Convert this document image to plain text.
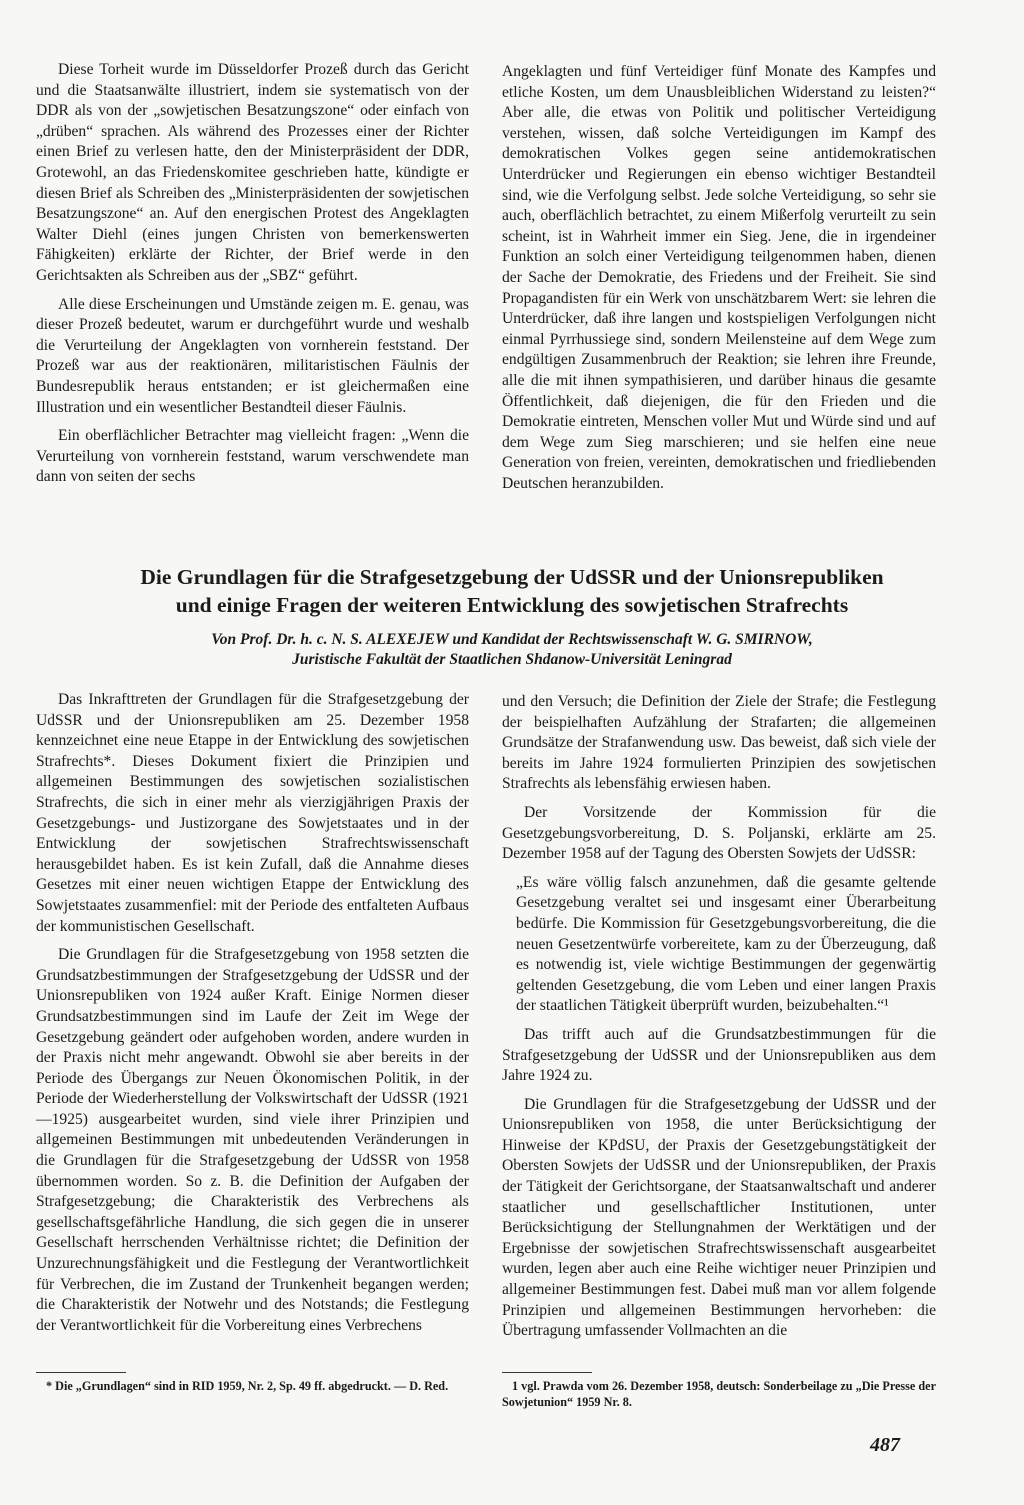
Diese Torheit wurde im Düsseldorfer Prozeß durch das Gericht und die Staatsanwälte illustriert, indem sie systematisch von der DDR als von der „sowjetischen Besatzungszone“ oder einfach von „drüben“ sprachen. Als während des Prozesses einer der Richter einen Brief zu verlesen hatte, den der Ministerpräsident der DDR, Grotewohl, an das Friedenskomitee geschrieben hatte, kündigte er diesen Brief als Schreiben des „Ministerpräsidenten der sowjetischen Besatzungszone“ an. Auf den energischen Protest des Angeklagten Walter Diehl (eines jungen Christen von bemerkenswerten Fähigkeiten) erklärte der Richter, der Brief werde in den Gerichtsakten als Schreiben aus der „SBZ“ geführt.

Alle diese Erscheinungen und Umstände zeigen m. E. genau, was dieser Prozeß bedeutet, warum er durchgeführt wurde und weshalb die Verurteilung der Angeklagten von vornherein feststand. Der Prozeß war aus der reaktionären, militaristischen Fäulnis der Bundesrepublik heraus entstanden; er ist gleichermaßen eine Illustration und ein wesentlicher Bestandteil dieser Fäulnis.

Ein oberflächlicher Betrachter mag vielleicht fragen: „Wenn die Verurteilung von vornherein feststand, warum verschwendete man dann von seiten der sechs

Angeklagten und fünf Verteidiger fünf Monate des Kampfes und etliche Kosten, um dem Unausbleiblichen Widerstand zu leisten?“ Aber alle, die etwas von Politik und politischer Verteidigung verstehen, wissen, daß solche Verteidigungen im Kampf des demokratischen Volkes gegen seine antidemokratischen Unterdrücker und Regierungen ein ebenso wichtiger Bestandteil sind, wie die Verfolgung selbst. Jede solche Verteidigung, so sehr sie auch, oberflächlich betrachtet, zu einem Mißerfolg verurteilt zu sein scheint, ist in Wahrheit immer ein Sieg. Jene, die in irgendeiner Funktion an solch einer Verteidigung teilgenommen haben, dienen der Sache der Demokratie, des Friedens und der Freiheit. Sie sind Propagandisten für ein Werk von unschätzbarem Wert: sie lehren die Unterdrücker, daß ihre langen und kostspieligen Verfolgungen nicht einmal Pyrrhussiege sind, sondern Meilensteine auf dem Wege zum endgültigen Zusammenbruch der Reaktion; sie lehren ihre Freunde, alle die mit ihnen sympathisieren, und darüber hinaus die gesamte Öffentlichkeit, daß diejenigen, die für den Frieden und die Demokratie eintreten, Menschen voller Mut und Würde sind und auf dem Wege zum Sieg marschieren; und sie helfen eine neue Generation von freien, vereinten, demokratischen und friedliebenden Deutschen heranzubilden.

Die Grundlagen für die Strafgesetzgebung der UdSSR und der Unionsrepubliken
und einige Fragen der weiteren Entwicklung des sowjetischen Strafrechts
Von Prof. Dr. h. c. N. S. ALEXEJEW und Kandidat der Rechtswissenschaft W. G. SMIRNOW,
Juristische Fakultät der Staatlichen Shdanow-Universität Leningrad

Das Inkrafttreten der Grundlagen für die Strafgesetzgebung der UdSSR und der Unionsrepubliken am 25. Dezember 1958 kennzeichnet eine neue Etappe in der Entwicklung des sowjetischen Strafrechts*. Dieses Dokument fixiert die Prinzipien und allgemeinen Bestimmungen des sowjetischen sozialistischen Strafrechts, die sich in einer mehr als vierzigjährigen Praxis der Gesetzgebungs- und Justizorgane des Sowjetstaates und in der Entwicklung der sowjetischen Strafrechtswissenschaft herausgebildet haben. Es ist kein Zufall, daß die Annahme dieses Gesetzes mit einer neuen wichtigen Etappe der Entwicklung des Sowjetstaates zusammenfiel: mit der Periode des entfalteten Aufbaus der kommunistischen Gesellschaft.

Die Grundlagen für die Strafgesetzgebung von 1958 setzten die Grundsatzbestimmungen der Strafgesetzgebung der UdSSR und der Unionsrepubliken von 1924 außer Kraft. Einige Normen dieser Grundsatzbestimmungen sind im Laufe der Zeit im Wege der Gesetzgebung geändert oder aufgehoben worden, andere wurden in der Praxis nicht mehr angewandt. Obwohl sie aber bereits in der Periode des Übergangs zur Neuen Ökonomischen Politik, in der Periode der Wiederherstellung der Volkswirtschaft der UdSSR (1921—1925) ausgearbeitet wurden, sind viele ihrer Prinzipien und allgemeinen Bestimmungen mit unbedeutenden Veränderungen in die Grundlagen für die Strafgesetzgebung der UdSSR von 1958 übernommen worden. So z. B. die Definition der Aufgaben der Strafgesetzgebung; die Charakteristik des Verbrechens als gesellschaftsgefährliche Handlung, die sich gegen die in unserer Gesellschaft herrschenden Verhältnisse richtet; die Definition der Unzurechnungsfähigkeit und die Festlegung der Verantwortlichkeit für Verbrechen, die im Zustand der Trunkenheit begangen werden; die Charakteristik der Notwehr und des Notstands; die Festlegung der Verantwortlichkeit für die Vorbereitung eines Verbrechens

und den Versuch; die Definition der Ziele der Strafe; die Festlegung der beispielhaften Aufzählung der Strafarten; die allgemeinen Grundsätze der Strafanwendung usw. Das beweist, daß sich viele der bereits im Jahre 1924 formulierten Prinzipien des sowjetischen Strafrechts als lebensfähig erwiesen haben.

Der Vorsitzende der Kommission für die Gesetzgebungsvorbereitung, D. S. Poljanski, erklärte am 25. Dezember 1958 auf der Tagung des Obersten Sowjets der UdSSR:

„Es wäre völlig falsch anzunehmen, daß die gesamte geltende Gesetzgebung veraltet sei und insgesamt einer Überarbeitung bedürfe. Die Kommission für Gesetzgebungsvorbereitung, die die neuen Gesetzentwürfe vorbereitete, kam zu der Überzeugung, daß es notwendig ist, viele wichtige Bestimmungen der gegenwärtig geltenden Gesetzgebung, die vom Leben und einer langen Praxis der staatlichen Tätigkeit überprüft wurden, beizubehalten.“¹

Das trifft auch auf die Grundsatzbestimmungen für die Strafgesetzgebung der UdSSR und der Unionsrepubliken aus dem Jahre 1924 zu.

Die Grundlagen für die Strafgesetzgebung der UdSSR und der Unionsrepubliken von 1958, die unter Berücksichtigung der Hinweise der KPdSU, der Praxis der Gesetzgebungstätigkeit der Obersten Sowjets der UdSSR und der Unionsrepubliken, der Praxis der Tätigkeit der Gerichtsorgane, der Staatsanwaltschaft und anderer staatlicher und gesellschaftlicher Institutionen, unter Berücksichtigung der Stellungnahmen der Werktätigen und der Ergebnisse der sowjetischen Strafrechtswissenschaft ausgearbeitet wurden, legen aber auch eine Reihe wichtiger neuer Prinzipien und allgemeiner Bestimmungen fest. Dabei muß man vor allem folgende Prinzipien und allgemeinen Bestimmungen hervorheben: die Übertragung umfassender Vollmachten an die

* Die „Grundlagen“ sind in RID 1959, Nr. 2, Sp. 49 ff. abgedruckt. — D. Red.	1 vgl. Prawda vom 26. Dezember 1958, deutsch: Sonderbeilage zu „Die Presse der Sowjetunion“ 1959 Nr. 8.
487
